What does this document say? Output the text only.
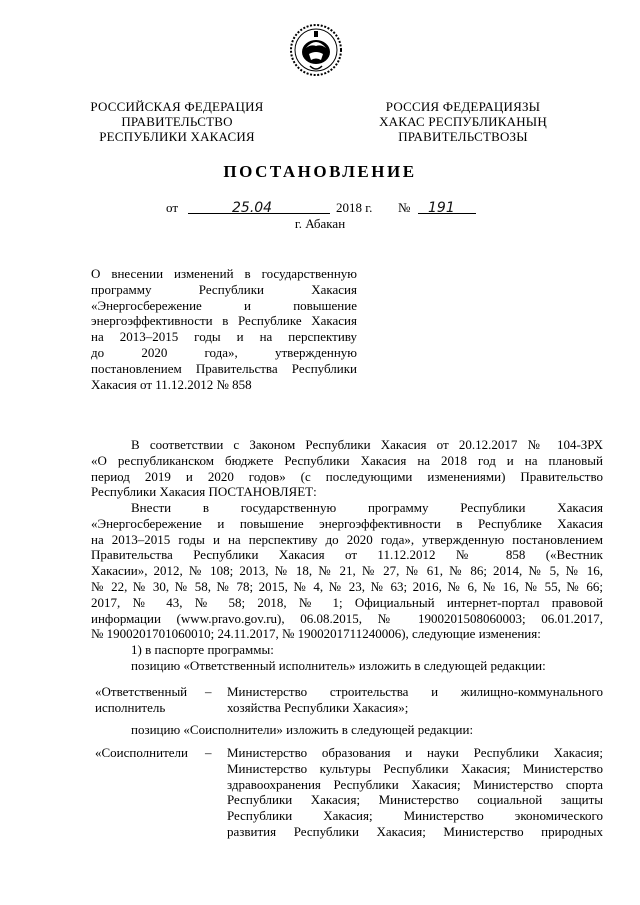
РОССИЙСКАЯ ФЕДЕРАЦИЯ
ПРАВИТЕЛЬСТВО
РЕСПУБЛИКИ ХАКАСИЯ
РОССИЯ ФЕДЕРАЦИЯЗЫ
ХАКАС РЕСПУБЛИКАНЫҢ
ПРАВИТЕЛЬСТВОЗЫ
ПОСТАНОВЛЕНИЕ
от	25.04	2018 г. № 191
г. Абакан
О внесении изменений в государственную
программу Республики Хакасия
«Энергосбережение и повышение
энергоэффективности в Республике Хакасия
на 2013–2015 годы и на перспективу
до 2020 года», утвержденную
постановлением Правительства Республики
Хакасия от 11.12.2012 № 858
В соответствии с Законом Республики Хакасия от 20.12.2017 № 104-ЗРХ
«О республиканском бюджете Республики Хакасия на 2018 год и на плановый
период 2019 и 2020 годов» (с последующими изменениями) Правительство
Республики Хакасия ПОСТАНОВЛЯЕТ:
Внести в государственную программу Республики Хакасия
«Энергосбережение и повышение энергоэффективности в Республике Хакасия
на 2013–2015 годы и на перспективу до 2020 года», утвержденную постановлением
Правительства Республики Хакасия от 11.12.2012 № 858 («Вестник
Хакасии», 2012, № 108; 2013, № 18, № 21, № 27, № 61, № 86; 2014, № 5, № 16,
№ 22, № 30, № 58, № 78; 2015, № 4, № 23, № 63; 2016, № 6, № 16, № 55, № 66;
2017, № 43, № 58; 2018, № 1; Официальный интернет-портал правовой
информации (www.pravo.gov.ru), 06.08.2015, № 1900201508060003; 06.01.2017,
№ 1900201701060010; 24.11.2017, № 1900201711240006), следующие изменения:
1) в паспорте программы:
позицию «Ответственный исполнитель» изложить в следующей редакции:
«Ответственный
исполнитель
– Министерство строительства и жилищно-коммунального
хозяйства Республики Хакасия»;
позицию «Соисполнители» изложить в следующей редакции:
«Соисполнители – Министерство образования и науки Республики Хакасия;
Министерство культуры Республики Хакасия; Министерство
здравоохранения Республики Хакасия; Министерство спорта
Республики Хакасия; Министерство социальной защиты
Республики Хакасия; Министерство экономического
развития Республики Хакасия; Министерство природных
